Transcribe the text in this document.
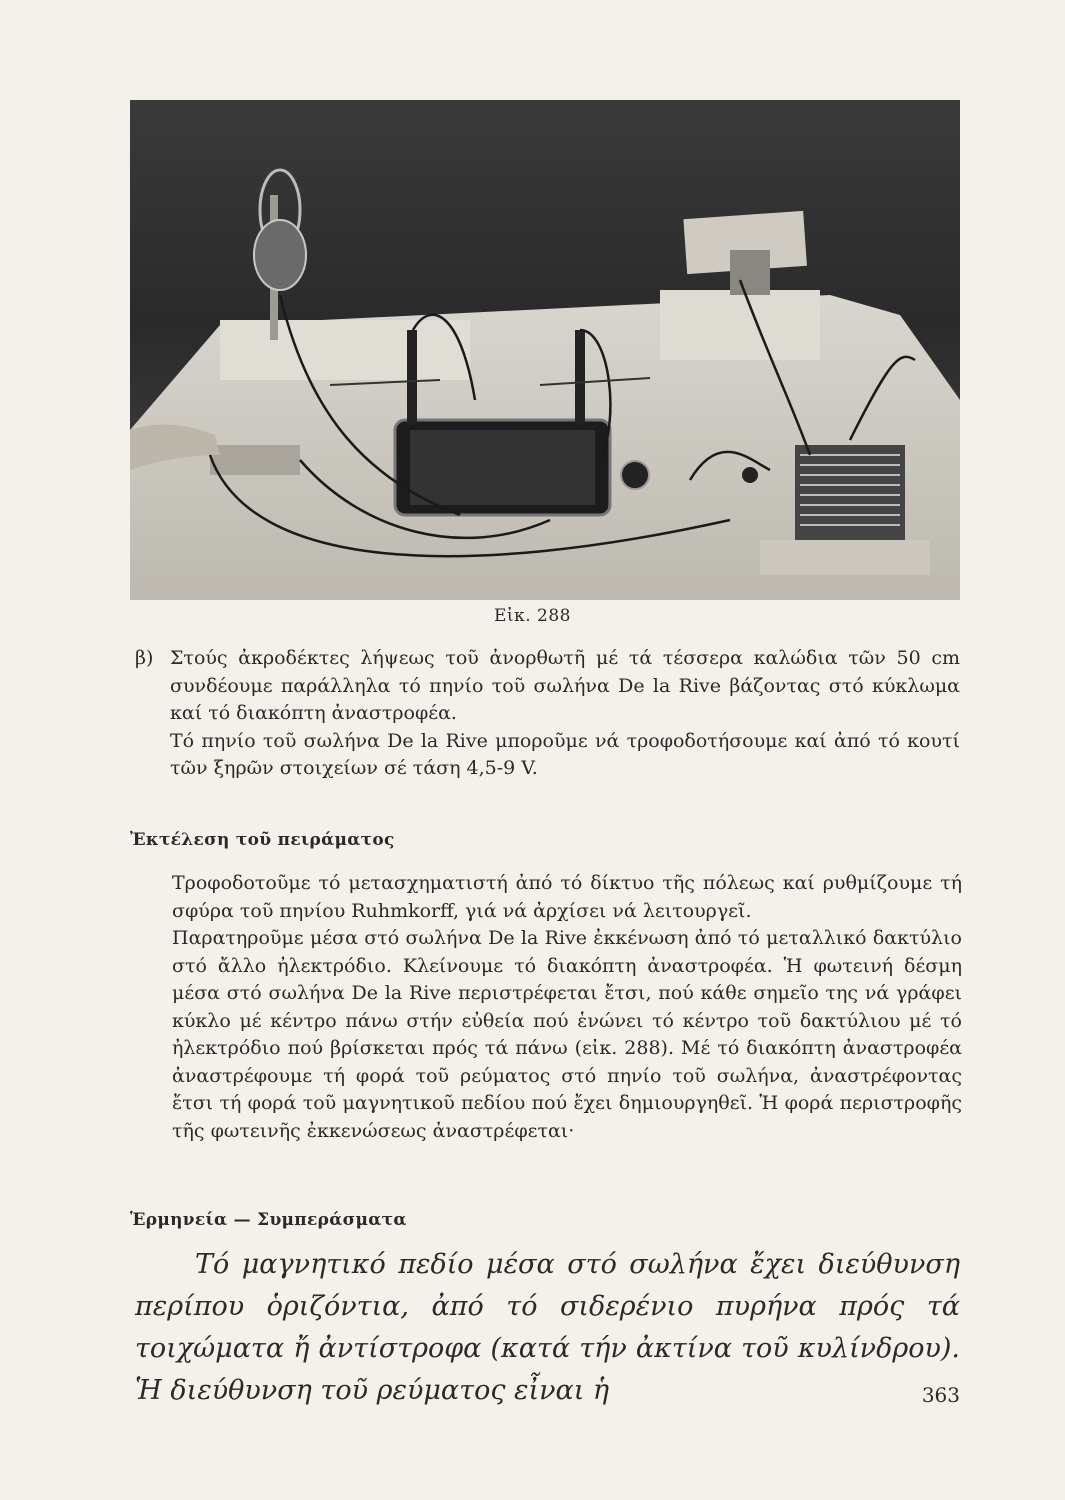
Εἰκ. 288
β) Στούς ἀκροδέκτες λήψεως τοῦ ἀνορθωτῆ μέ τά τέσσερα καλώδια τῶν 50 cm συνδέουμε παράλληλα τό πηνίο τοῦ σωλήνα De la Rive βάζοντας στό κύκλωμα καί τό διακόπτη ἀναστροφέα.
Τό πηνίο τοῦ σωλήνα De la Rive μποροῦμε νά τροφοδοτήσουμε καί ἀπό τό κουτί τῶν ξηρῶν στοιχείων σέ τάση 4,5-9 V.
Ἐκτέλεση τοῦ πειράματος

Τροφοδοτοῦμε τό μετασχηματιστή ἀπό τό δίκτυο τῆς πόλεως καί ρυθμίζουμε τή σφύρα τοῦ πηνίου Ruhmkorff, γιά νά ἀρχίσει νά λειτουργεῖ.

Παρατηροῦμε μέσα στό σωλήνα De la Rive ἐκκένωση ἀπό τό μεταλλικό δακτύλιο στό ἄλλο ἠλεκτρόδιο. Κλείνουμε τό διακόπτη ἀναστροφέα. Ἡ φωτεινή δέσμη μέσα στό σωλήνα De la Rive περιστρέφεται ἔτσι, πού κάθε σημεῖο της νά γράφει κύκλο μέ κέντρο πάνω στήν εὐθεία πού ἑνώνει τό κέντρο τοῦ δακτύλιου μέ τό ἠλεκτρόδιο πού βρίσκεται πρός τά πάνω (εἰκ. 288). Μέ τό διακόπτη ἀναστροφέα ἀναστρέφουμε τή φορά τοῦ ρεύματος στό πηνίο τοῦ σωλήνα, ἀναστρέφοντας ἔτσι τή φορά τοῦ μαγνητικοῦ πεδίου πού ἔχει δημιουργηθεῖ. Ἡ φορά περιστροφῆς τῆς φωτεινῆς ἐκκενώσεως ἀναστρέφεται·

Ἑρμηνεία — Συμπεράσματα
Τό μαγνητικό πεδίο μέσα στό σωλήνα ἔχει διεύθυνση περίπου ὁριζόντια, ἀπό τό σιδερένιο πυρήνα πρός τά τοιχώματα ἤ ἀντίστροφα (κατά τήν ἀκτίνα τοῦ κυλίνδρου). Ἡ διεύθυνση τοῦ ρεύματος εἶναι ἡ	363
